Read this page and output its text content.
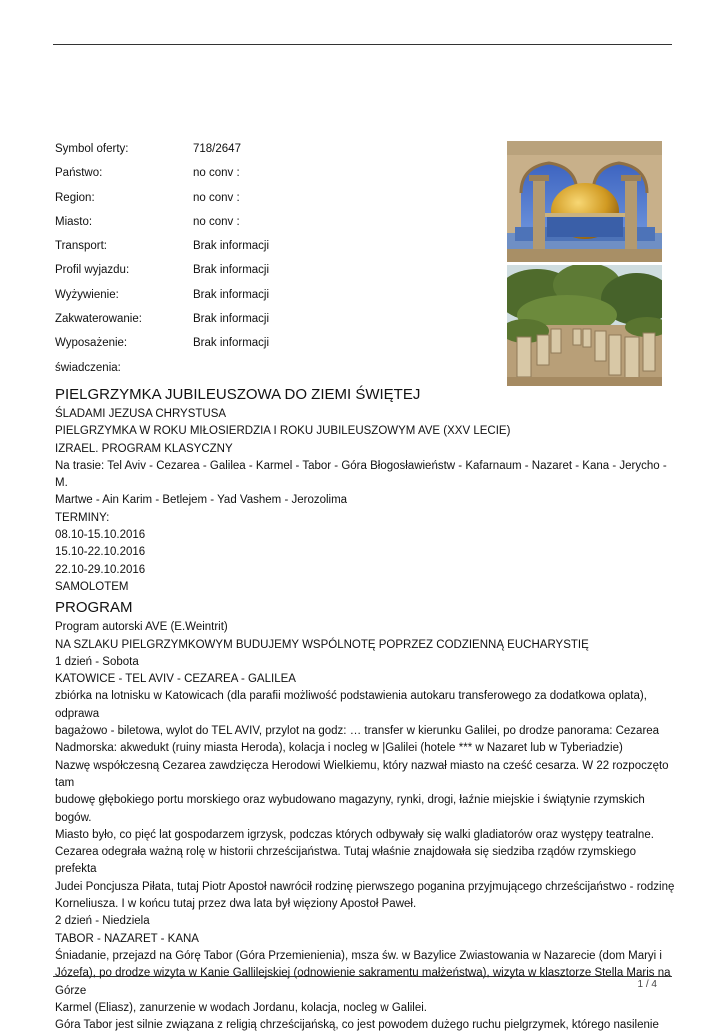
Symbol oferty:	718/2647
Państwo:	no conv :
Region:	no conv :
Miasto:	no conv :
Transport:	Brak informacji
Profil wyjazdu:	Brak informacji
Wyżywienie:	Brak informacji
Zakwaterowanie:	Brak informacji
Wyposażenie:	Brak informacji
świadczenia:
PIELGRZYMKA JUBILEUSZOWA DO ZIEMI ŚWIĘTEJ

ŚLADAMI JEZUSA CHRYSTUSA

PIELGRZYMKA W ROKU MIŁOSIERDZIA I ROKU JUBILEUSZOWYM AVE (XXV LECIE)

IZRAEL. PROGRAM KLASYCZNY

Na trasie: Tel Aviv - Cezarea - Galilea - Karmel - Tabor - Góra Błogosławieństw - Kafarnaum - Nazaret - Kana - Jerycho - M.

Martwe - Ain Karim - Betlejem - Yad Vashem - Jerozolima

TERMINY:

08.10-15.10.2016

15.10-22.10.2016

22.10-29.10.2016

SAMOLOTEM

PROGRAM

Program autorski AVE (E.Weintrit)

NA SZLAKU PIELGRZYMKOWYM BUDUJEMY WSPÓLNOTĘ POPRZEZ CODZIENNĄ EUCHARYSTIĘ

1 dzień - Sobota

KATOWICE - TEL AVIV - CEZAREA - GALILEA

zbiórka na lotnisku w Katowicach (dla parafii możliwość podstawienia autokaru transferowego za dodatkowa oplata), odprawa

bagażowo - biletowa, wylot do TEL AVIV, przylot na godz: … transfer w kierunku Galilei, po drodze panorama: Cezarea

Nadmorska: akwedukt (ruiny miasta Heroda), kolacja i nocleg w |Galilei (hotele *** w Nazaret lub w Tyberiadzie)

Nazwę współczesną Cezarea zawdzięcza Herodowi Wielkiemu, który nazwał miasto na cześć cesarza. W 22 rozpoczęto tam

budowę głębokiego portu morskiego oraz wybudowano magazyny, rynki, drogi, łaźnie miejskie i świątynie rzymskich bogów.

Miasto było, co pięć lat gospodarzem igrzysk, podczas których odbywały się walki gladiatorów oraz występy teatralne.

Cezarea odegrała ważną rolę w historii chrześcijaństwa. Tutaj właśnie znajdowała się siedziba rządów rzymskiego prefekta

Judei Poncjusza Piłata, tutaj Piotr Apostoł nawrócił rodzinę pierwszego poganina przyjmującego chrześcijaństwo - rodzinę

Korneliusza. I w końcu tutaj przez dwa lata był więziony Apostoł Paweł.

2 dzień - Niedziela

TABOR - NAZARET - KANA

Śniadanie, przejazd na Górę Tabor (Góra Przemienienia), msza św. w Bazylice Zwiastowania w Nazarecie (dom Maryi i

Józefa), po drodze wizyta w Kanie Gallilejskiej (odnowienie sakramentu małżeństwa), wizyta w klasztorze Stella Maris na Górze

Karmel (Eliasz), zanurzenie w wodach Jordanu, kolacja, nocleg w Galilei.

Góra Tabor jest silnie związana z religią chrześcijańską, co jest powodem dużego ruchu pielgrzymek, którego nasilenie

1 / 4
